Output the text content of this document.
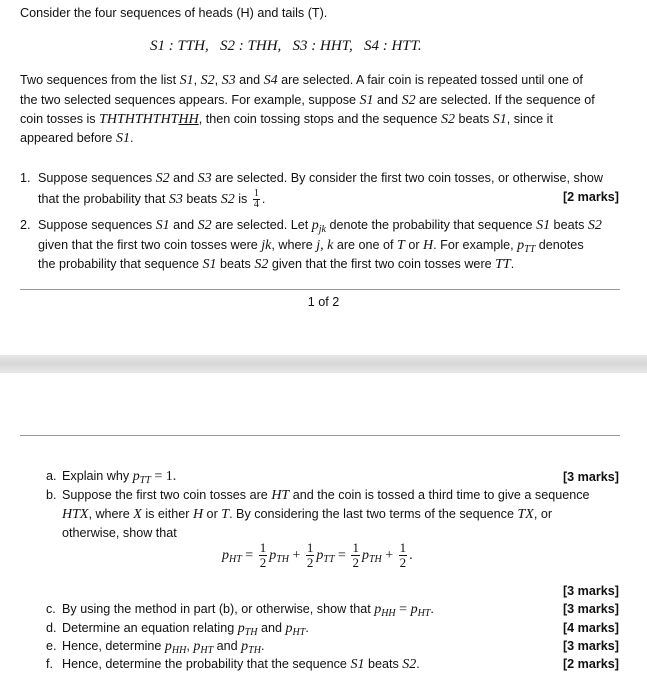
Consider the four sequences of heads (H) and tails (T).
S1 : TTH,   S2 : THH,   S3 : HHT,   S4 : HTT.
Two sequences from the list S1, S2, S3 and S4 are selected. A fair coin is repeated tossed until one of
the two selected sequences appears. For example, suppose S1 and S2 are selected. If the sequence of
coin tosses is THTHTHTHTHH, then coin tossing stops and the sequence S2 beats S1, since it
appeared before S1.
1. Suppose sequences S2 and S3 are selected. By consider the first two coin tosses, or otherwise, show
that the probability that S3 beats S2 is $\frac{1}{4}$ .	[2 marks]
2. Suppose sequences S1 and S2 are selected. Let $p_{jk}$ denote the probability that sequence S1 beats S2
given that the first two coin tosses were jk, where j, k are one of T or H. For example, $p_{TT}$ denotes
the probability that sequence S1 beats S2 given that the first two coin tosses were TT.
1 of 2
a. Explain why $p_{TT} = 1$.	[3 marks]
b. Suppose the first two coin tosses are HT and the coin is tossed a third time to give a sequence
HTX, where X is either H or T. By considering the last two terms of the sequence TX, or
otherwise, show that
$p_{HT} = \frac{1}{2} p_{TH} + \frac{1}{2} p_{TT} = \frac{1}{2} p_{TH} + \frac{1}{2}$ .
[3 marks]
c. By using the method in part (b), or otherwise, show that $p_{HH} = p_{HT}$.	[3 marks]
d. Determine an equation relating $p_{TH}$ and $p_{HT}$.	[4 marks]
e. Hence, determine $p_{HH}$, $p_{HT}$ and $p_{TH}$.	[3 marks]
f. Hence, determine the probability that the sequence S1 beats S2.	[2 marks]
